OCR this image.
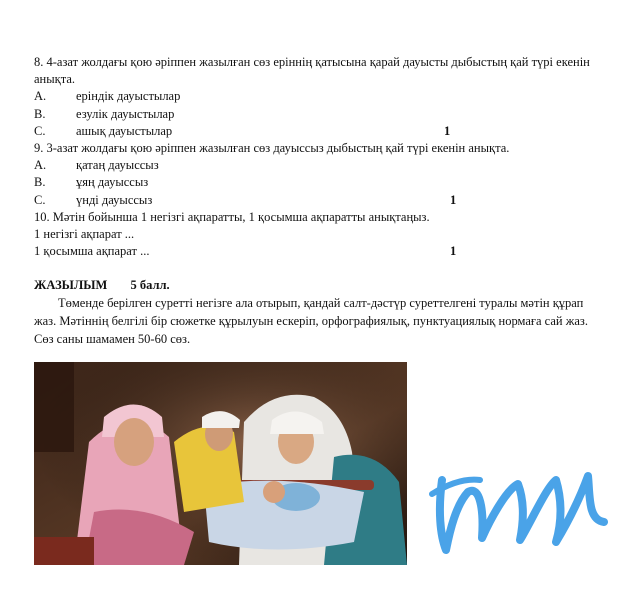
8. 4-азат жолдағы қою әріппен жазылған сөз еріннің қатысына қарай дауысты дыбыстың қай түрі екенін анықта.
A.	еріндік дауыстылар
B.	езулік дауыстылар
C.	ашық дауыстылар	1
9. 3-азат жолдағы қою әріппен жазылған сөз дауыссыз дыбыстың қай түрі екенін анықта.
A.	қатаң дауыссыз
B.	ұяң дауыссыз
C.	үнді дауыссыз	1
10. Мәтін бойынша 1 негізгі ақпаратты, 1 қосымша ақпаратты анықтаңыз.
1 негізгі ақпарат ...
1 қосымша ақпарат ...	1
ЖАЗЫЛЫМ 5 балл.
Төменде берілген суретті негізге ала отырып, қандай салт-дәстүр суреттелгені туралы мәтін құрап жаз. Мәтіннің белгілі бір сюжетке құрылуын ескеріп, орфографиялық, пунктуациялық нормаға сай жаз. Сөз саны шамамен 50-60 сөз.
